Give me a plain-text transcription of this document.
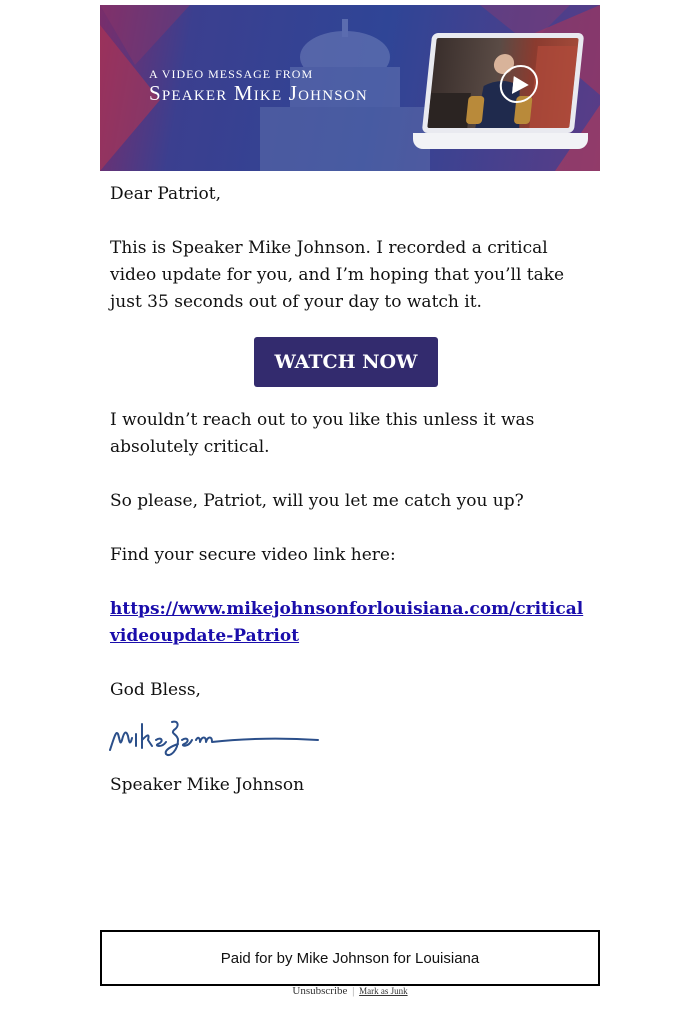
A VIDEO MESSAGE FROM
Speaker Mike Johnson

Dear Patriot,

This is Speaker Mike Johnson. I recorded a critical video update for you, and I’m hoping that you’ll take just 35 seconds out of your day to watch it.

WATCH NOW

I wouldn’t reach out to you like this unless it was absolutely critical.

So please, Patriot, will you let me catch you up?

Find your secure video link here:

https://www.mikejohnsonforlouisiana.com/criticalvideoupdate-Patriot

God Bless,

Speaker Mike Johnson

Paid for by Mike Johnson for Louisiana
Unsubscribe | Mark as Junk
